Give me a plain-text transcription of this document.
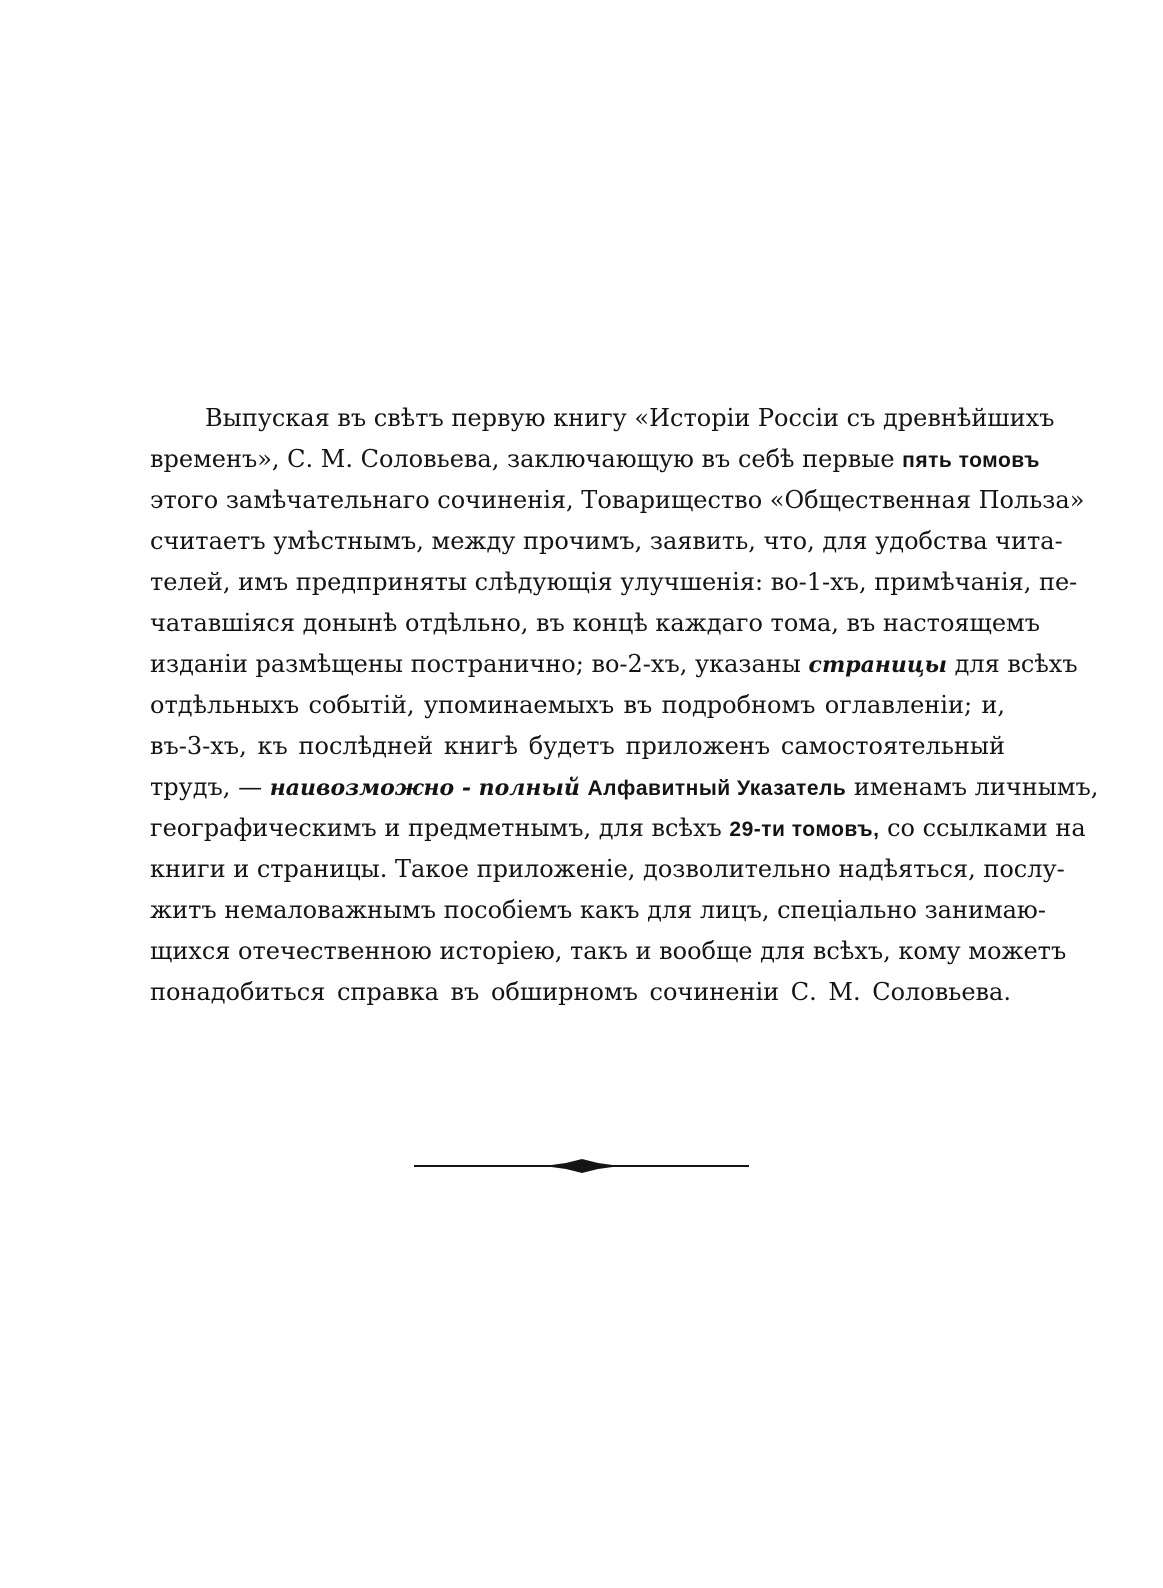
Выпуская въ свѣтъ первую книгу «Исторіи Россіи съ древнѣйшихъ
временъ», С. М. Соловьева, заключающую въ себѣ первые пять томовъ
этого замѣчательнаго сочиненія, Товарищество «Общественная Польза»
считаетъ умѣстнымъ, между прочимъ, заявить, что, для удобства чита-
телей, имъ предприняты слѣдующія улучшенія: во-1-хъ, примѣчанія, пе-
чатавшіяся донынѣ отдѣльно, въ концѣ каждаго тома, въ настоящемъ
изданіи размѣщены постранично; во-2-хъ, указаны страницы для всѣхъ
отдѣльныхъ событій, упоминаемыхъ въ подробномъ оглавленіи; и,
въ-3-хъ, къ послѣдней книгѣ будетъ приложенъ самостоятельный
трудъ, — наивозможно - полный Алфавитный Указатель именамъ личнымъ,
географическимъ и предметнымъ, для всѣхъ 29-ти томовъ, со ссылками на
книги и страницы. Такое приложеніе, дозволительно надѣяться, послу-
житъ немаловажнымъ пособіемъ какъ для лицъ, спеціально занимаю-
щихся отечественною исторіею, такъ и вообще для всѣхъ, кому можетъ
понадобиться справка въ обширномъ сочиненіи С. М. Соловьева.
